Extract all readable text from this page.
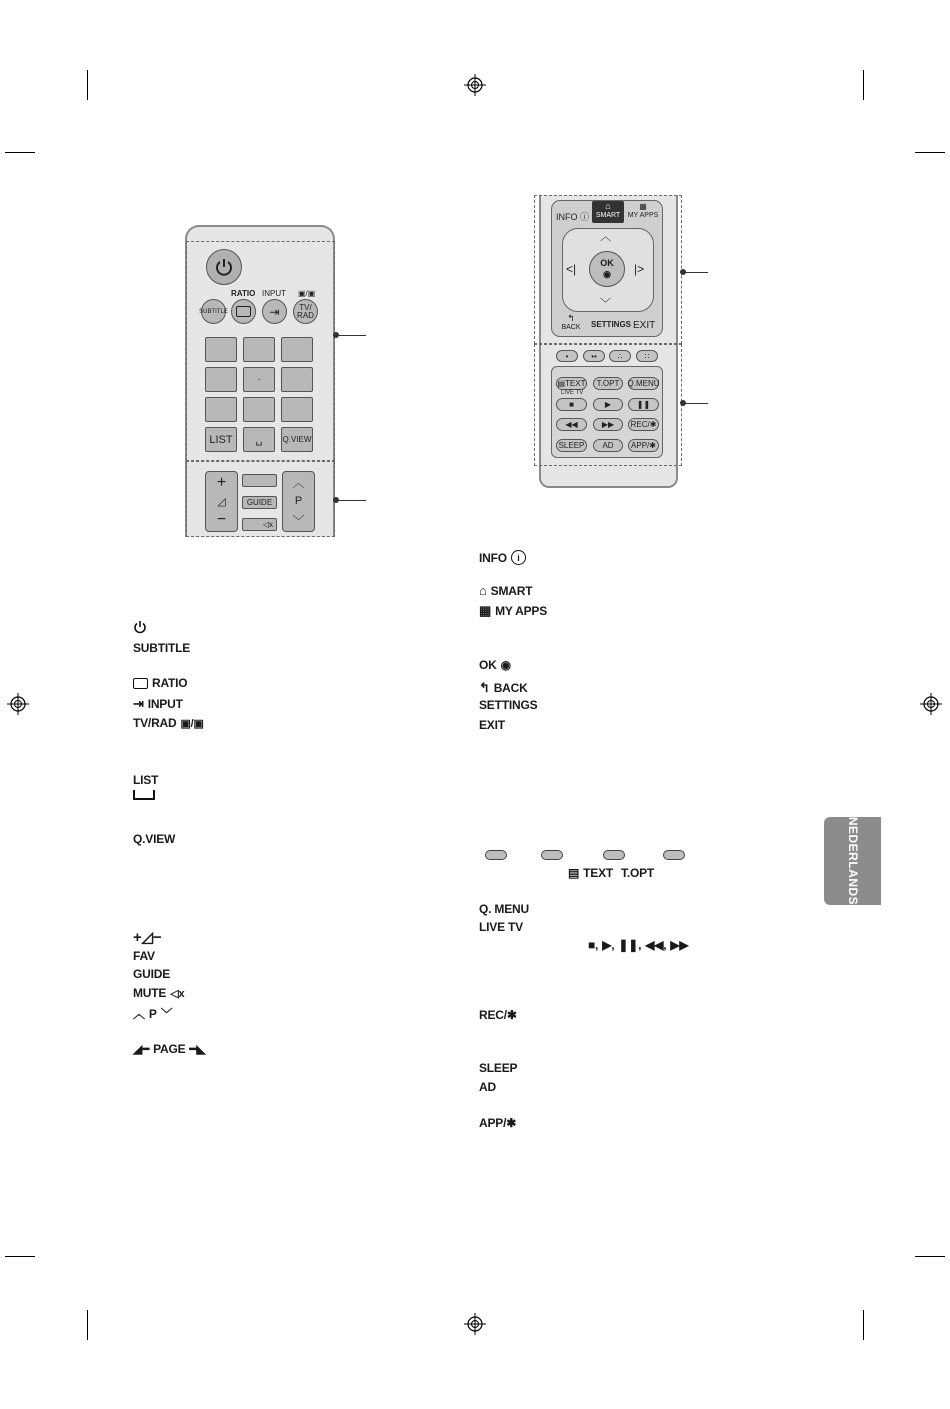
RATIO INPUT ▣/▣
SUBTITLE	⇥	TV/
RAD
·
LIST	␣	Q.VIEW
+
◿
−
GUIDE
◁x
︿
P
﹀
INFO ⓘ
⌂
SMART
▦
MY APPS
︿
<|	|>
﹀
OK
◉
↰
BACK	SETTINGS EXIT
•	••	∴	∷
▤ TEXT	T.OPT	Q.MENU
LIVE TV
■	▶	❚❚
◀◀	▶▶	REC/✱
SLEEP	AD	APP/✱
SUBTITLE
RATIO
⇥ INPUT
TV/RAD ▣/▣
LIST
Q.VIEW
+◿−
FAV
GUIDE
MUTE ◁x
︿ P ﹀
◢━ PAGE ━◣
INFO	i
⌂ SMART
▦ MY APPS
OK ◉
↰ BACK
SETTINGS
EXIT
▤ TEXT T.OPT
Q. MENU
LIVE TV
■, ▶, ❚❚, ◀◀, ▶▶
REC/✱
SLEEP
AD
APP/✱
NEDERLANDS
